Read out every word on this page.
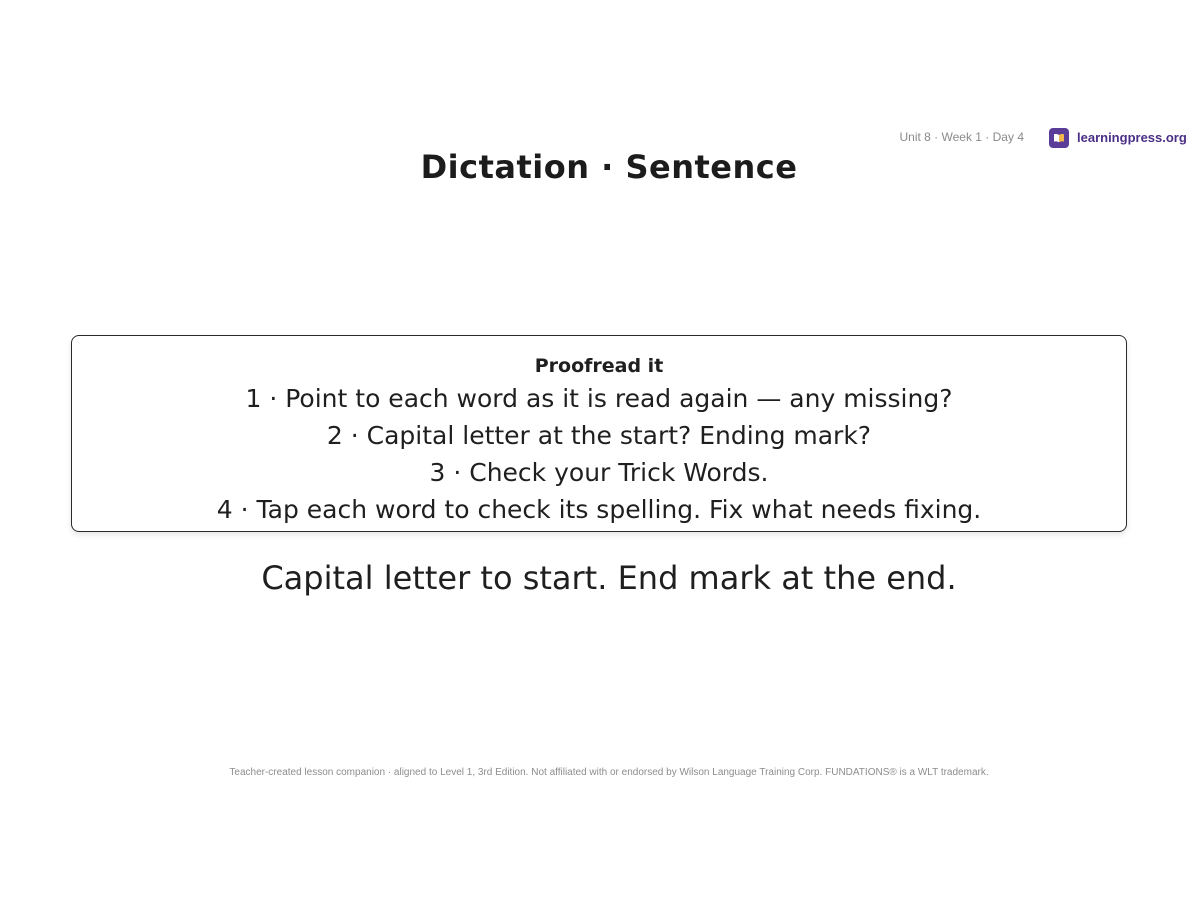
Unit 8 · Week 1 · Day 4	learningpress.org
Dictation · Sentence
Proofread it
1 · Point to each word as it is read again — any missing?
2 · Capital letter at the start? Ending mark?
3 · Check your Trick Words.
4 · Tap each word to check its spelling. Fix what needs fixing.
Capital letter to start. End mark at the end.
Teacher-created lesson companion · aligned to Level 1, 3rd Edition. Not affiliated with or endorsed by Wilson Language Training Corp. FUNDATIONS® is a WLT trademark.
